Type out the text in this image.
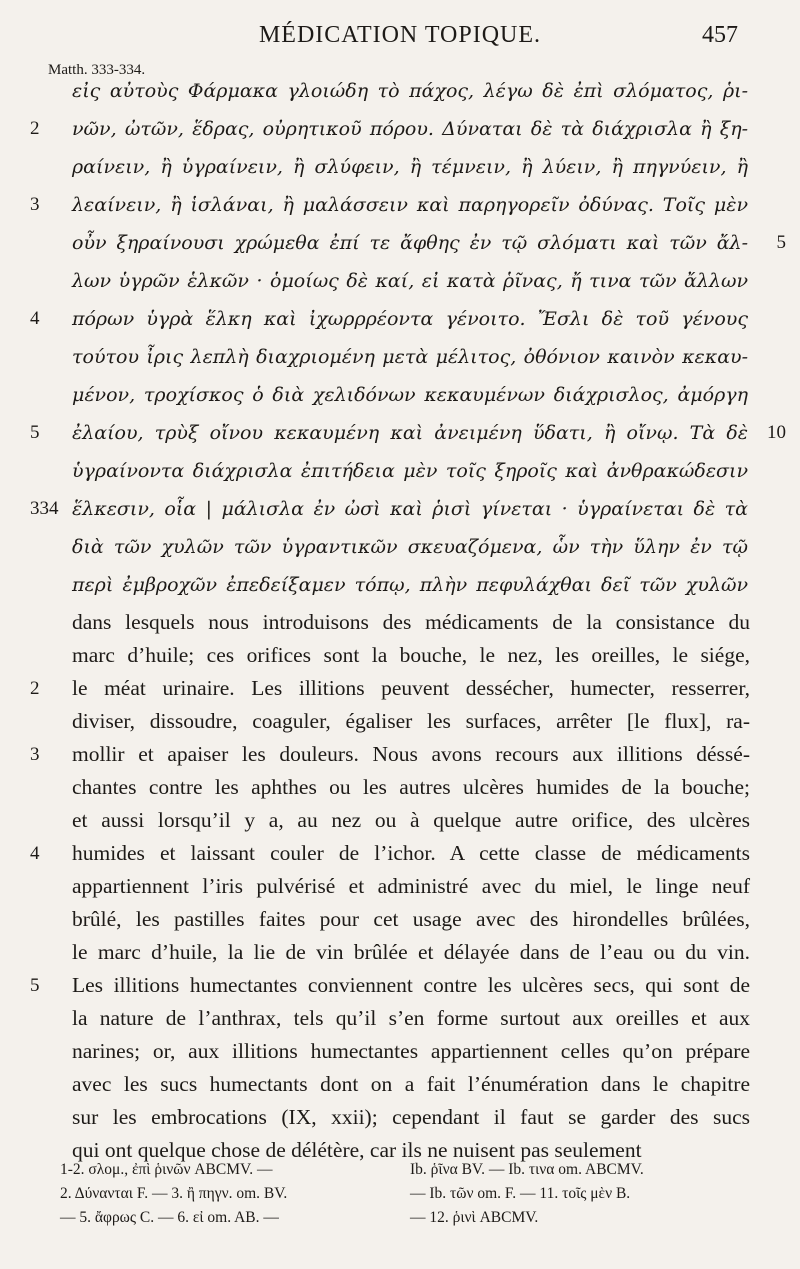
MÉDICATION TOPIQUE.	457
Matth. 333-334.
εἰς αὐτοὺς Φάρμακα γλοιώδη τὸ πάχος, λέγω δὲ ἐπὶ σλόματος, ῥι-
2 νῶν, ὠτῶν, ἕδρας, οὐρητικοῦ πόρου. Δύναται δὲ τὰ διάχρισλα ἢ ξη-
ραίνειν, ἢ ὑγραίνειν, ἢ σλύφειν, ἢ τέμνειν, ἢ λύειν, ἢ πηγνύειν, ἢ
3 λεαίνειν, ἢ ἱσλάναι, ἢ μαλάσσειν καὶ παρηγορεῖν ὀδύνας. Τοῖς μὲν
οὖν ξηραίνουσι χρώμεθα ἐπί τε ἄφθης ἐν τῷ σλόματι καὶ τῶν ἄλ- 5
λων ὑγρῶν ἑλκῶν · ὁμοίως δὲ καί, εἰ κατὰ ῥῖνας, ἤ τινα τῶν ἄλλων
4 πόρων ὑγρὰ ἕλκη καὶ ἰχωρρρέοντα γένοιτο. Ἔσλι δὲ τοῦ γένους
τούτου ἶρις λεπλὴ διαχριομένη μετὰ μέλιτος, ὀθόνιον καινὸν κεκαυ-
μένον, τροχίσκος ὁ διὰ χελιδόνων κεκαυμένων διάχρισλος, ἀμόργη
5 ἐλαίου, τρὺξ οἴνου κεκαυμένη καὶ ἀνειμένη ὕδατι, ἢ οἴνῳ. Τὰ δὲ 10
ὑγραίνοντα διάχρισλα ἐπιτήδεια μὲν τοῖς ξηροῖς καὶ ἀνθρακώδεσιν
334 ἕλκεσιν, οἷα | μάλισλα ἐν ὠσὶ καὶ ῥισὶ γίνεται · ὑγραίνεται δὲ τὰ
διὰ τῶν χυλῶν τῶν ὑγραντικῶν σκευαζόμενα, ὧν τὴν ὕλην ἐν τῷ
περὶ ἐμβροχῶν ἐπεδείξαμεν τόπῳ, πλὴν πεφυλάχθαι δεῖ τῶν χυλῶν
dans lesquels nous introduisons des médicaments de la consistance du
marc d’huile; ces orifices sont la bouche, le nez, les oreilles, le siége,
2 le méat urinaire. Les illitions peuvent dessécher, humecter, resserrer,
diviser, dissoudre, coaguler, égaliser les surfaces, arrêter [le flux], ra-
3 mollir et apaiser les douleurs. Nous avons recours aux illitions déssé-
chantes contre les aphthes ou les autres ulcères humides de la bouche;
et aussi lorsqu’il y a, au nez ou à quelque autre orifice, des ulcères
4 humides et laissant couler de l’ichor. A cette classe de médicaments
appartiennent l’iris pulvérisé et administré avec du miel, le linge neuf
brûlé, les pastilles faites pour cet usage avec des hirondelles brûlées,
le marc d’huile, la lie de vin brûlée et délayée dans de l’eau ou du vin.
5 Les illitions humectantes conviennent contre les ulcères secs, qui sont de
la nature de l’anthrax, tels qu’il s’en forme surtout aux oreilles et aux
narines; or, aux illitions humectantes appartiennent celles qu’on prépare
avec les sucs humectants dont on a fait l’énumération dans le chapitre
sur les embrocations (IX, xxii); cependant il faut se garder des sucs
qui ont quelque chose de délétère, car ils ne nuisent pas seulement
1-2. σλομ., ἐπὶ ῥινῶν ABCMV. —	Ib. ῥῖνα BV. — Ib. τινα om. ABCMV.
2. Δύνανται F. — 3. ἢ πηγν. om. BV.	— Ib. τῶν om. F. — 11. τοῖς μὲν B.
— 5. ἄφρως C. — 6. εἰ om. AB. —	— 12. ῥινὶ ABCMV.
